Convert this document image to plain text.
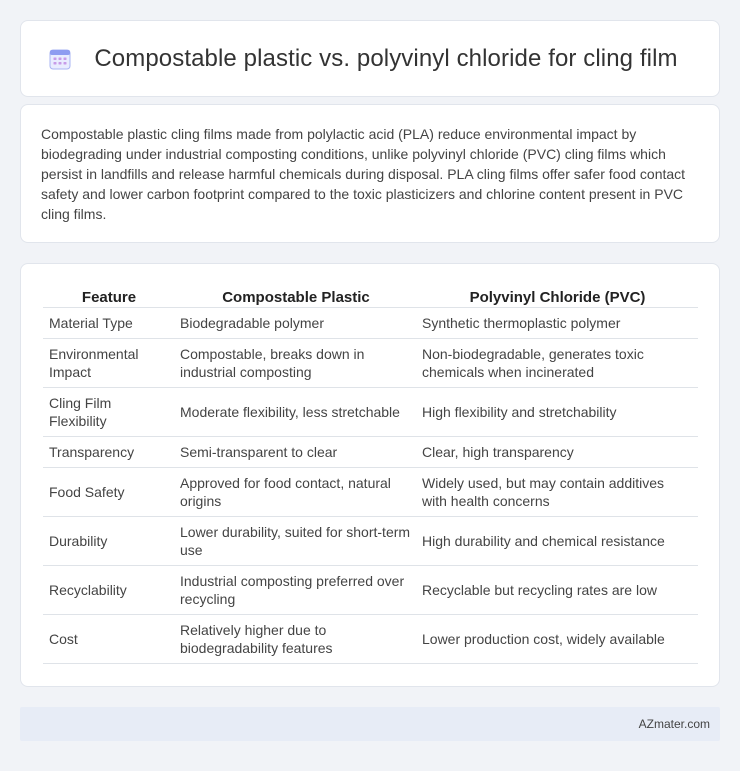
Compostable plastic vs. polyvinyl chloride for cling film

Compostable plastic cling films made from polylactic acid (PLA) reduce environmental impact by biodegrading under industrial composting conditions, unlike polyvinyl chloride (PVC) cling films which persist in landfills and release harmful chemicals during disposal. PLA cling films offer safer food contact safety and lower carbon footprint compared to the toxic plasticizers and chlorine content present in PVC cling films.

Feature	Compostable Plastic	Polyvinyl Chloride (PVC)
Material Type	Biodegradable polymer	Synthetic thermoplastic polymer
Environmental Impact	Compostable, breaks down in industrial composting	Non-biodegradable, generates toxic chemicals when incinerated
Cling Film Flexibility	Moderate flexibility, less stretchable	High flexibility and stretchability
Transparency	Semi-transparent to clear	Clear, high transparency
Food Safety	Approved for food contact, natural origins	Widely used, but may contain additives with health concerns
Durability	Lower durability, suited for short-term use	High durability and chemical resistance
Recyclability	Industrial composting preferred over recycling	Recyclable but recycling rates are low
Cost	Relatively higher due to biodegradability features	Lower production cost, widely available
AZmater.com
